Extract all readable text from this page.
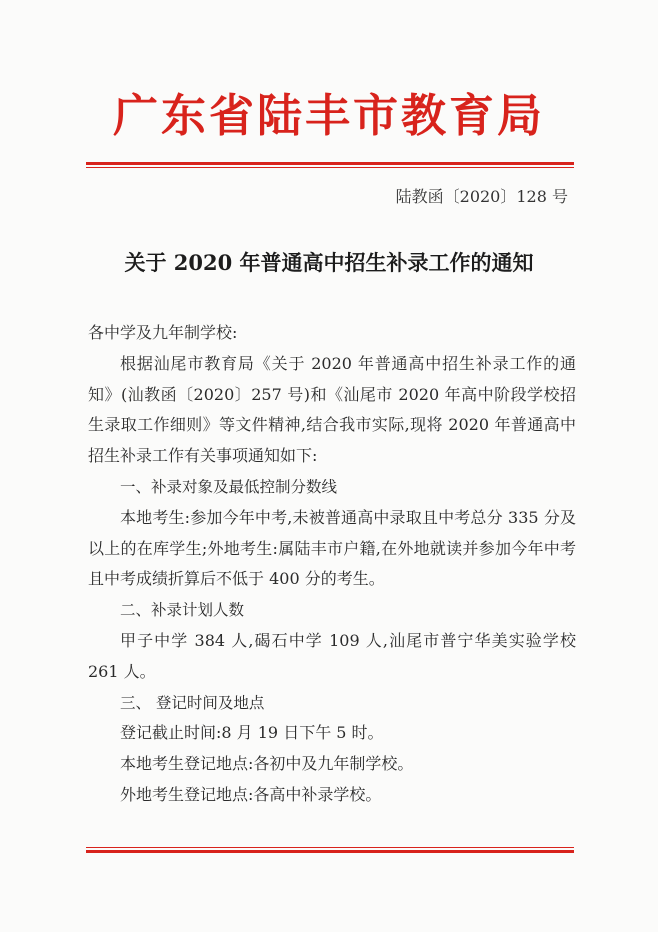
广东省陆丰市教育局
陆教函〔2020〕128 号
关于 2020 年普通高中招生补录工作的通知

各中学及九年制学校:

根据汕尾市教育局《关于 2020 年普通高中招生补录工作的通知》(汕教函〔2020〕257 号)和《汕尾市 2020 年高中阶段学校招生录取工作细则》等文件精神,结合我市实际,现将 2020 年普通高中招生补录工作有关事项通知如下:

一、补录对象及最低控制分数线

本地考生:参加今年中考,未被普通高中录取且中考总分 335 分及以上的在库学生;外地考生:属陆丰市户籍,在外地就读并参加今年中考且中考成绩折算后不低于 400 分的考生。

二、补录计划人数

甲子中学 384 人,碣石中学 109 人,汕尾市普宁华美实验学校 261 人。

三、 登记时间及地点

登记截止时间:8 月 19 日下午 5 时。

本地考生登记地点:各初中及九年制学校。

外地考生登记地点:各高中补录学校。
